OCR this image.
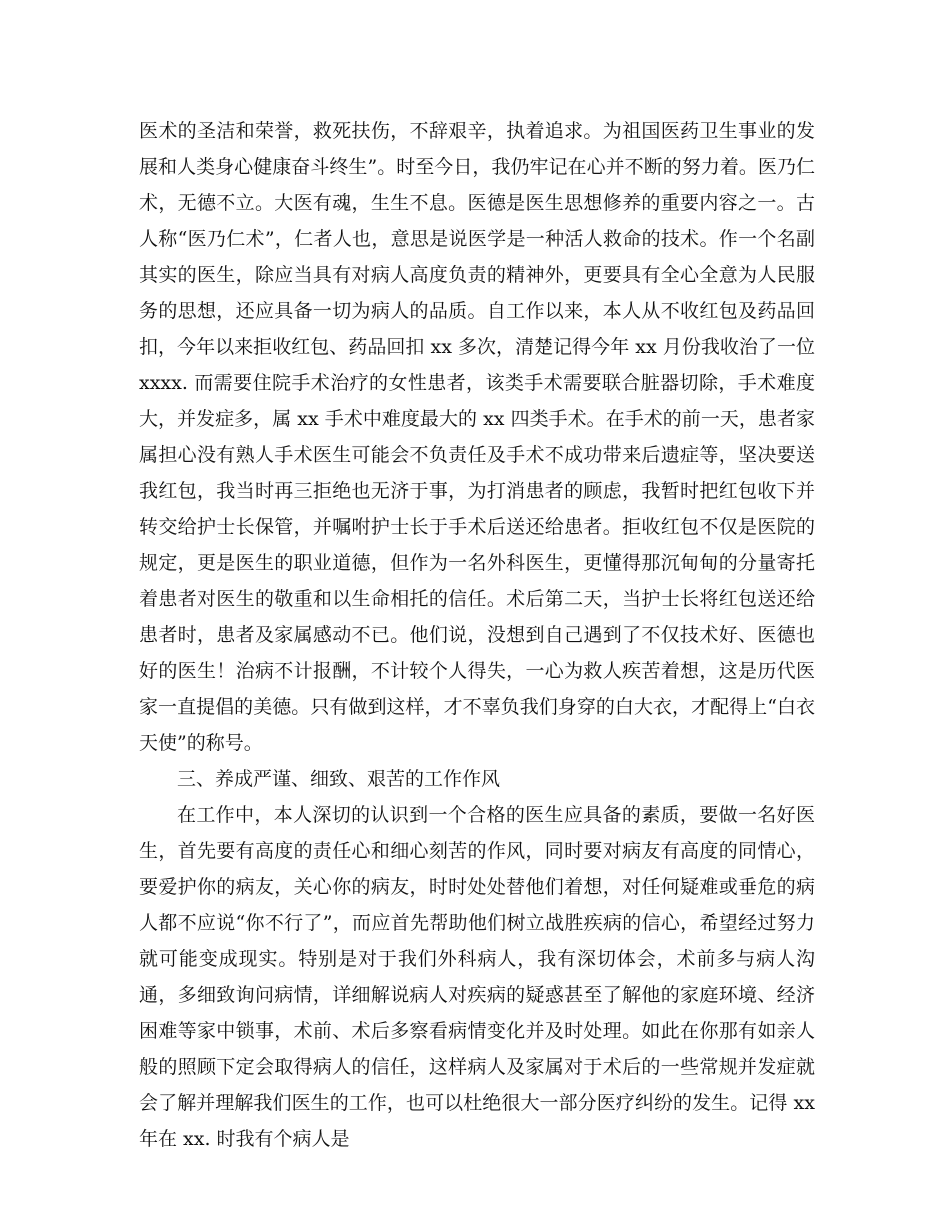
医术的圣洁和荣誉，救死扶伤，不辞艰辛，执着追求。为祖国医药卫生事业的发展和人类身心健康奋斗终生”。时至今日，我仍牢记在心并不断的努力着。医乃仁术，无德不立。大医有魂，生生不息。医德是医生思想修养的重要内容之一。古人称“医乃仁术”，仁者人也，意思是说医学是一种活人救命的技术。作一个名副其实的医生，除应当具有对病人高度负责的精神外，更要具有全心全意为人民服务的思想，还应具备一切为病人的品质。自工作以来，本人从不收红包及药品回扣，今年以来拒收红包、药品回扣 xx 多次，清楚记得今年 xx 月份我收治了一位 xxxx. 而需要住院手术治疗的女性患者，该类手术需要联合脏器切除，手术难度大，并发症多，属 xx 手术中难度最大的 xx 四类手术。在手术的前一天，患者家属担心没有熟人手术医生可能会不负责任及手术不成功带来后遗症等，坚决要送我红包，我当时再三拒绝也无济于事，为打消患者的顾虑，我暂时把红包收下并转交给护士长保管，并嘱咐护士长于手术后送还给患者。拒收红包不仅是医院的规定，更是医生的职业道德，但作为一名外科医生，更懂得那沉甸甸的分量寄托着患者对医生的敬重和以生命相托的信任。术后第二天，当护士长将红包送还给患者时，患者及家属感动不已。他们说，没想到自己遇到了不仅技术好、医德也好的医生！治病不计报酬，不计较个人得失，一心为救人疾苦着想，这是历代医家一直提倡的美德。只有做到这样，才不辜负我们身穿的白大衣，才配得上“白衣天使”的称号。

三、养成严谨、细致、艰苦的工作作风

在工作中，本人深切的认识到一个合格的医生应具备的素质，要做一名好医生，首先要有高度的责任心和细心刻苦的作风，同时要对病友有高度的同情心，要爱护你的病友，关心你的病友，时时处处替他们着想，对任何疑难或垂危的病人都不应说“你不行了”，而应首先帮助他们树立战胜疾病的信心，希望经过努力就可能变成现实。特别是对于我们外科病人，我有深切体会，术前多与病人沟通，多细致询问病情，详细解说病人对疾病的疑惑甚至了解他的家庭环境、经济困难等家中锁事，术前、术后多察看病情变化并及时处理。如此在你那有如亲人般的照顾下定会取得病人的信任，这样病人及家属对于术后的一些常规并发症就会了解并理解我们医生的工作，也可以杜绝很大一部分医疗纠纷的发生。记得 xx 年在 xx. 时我有个病人是
